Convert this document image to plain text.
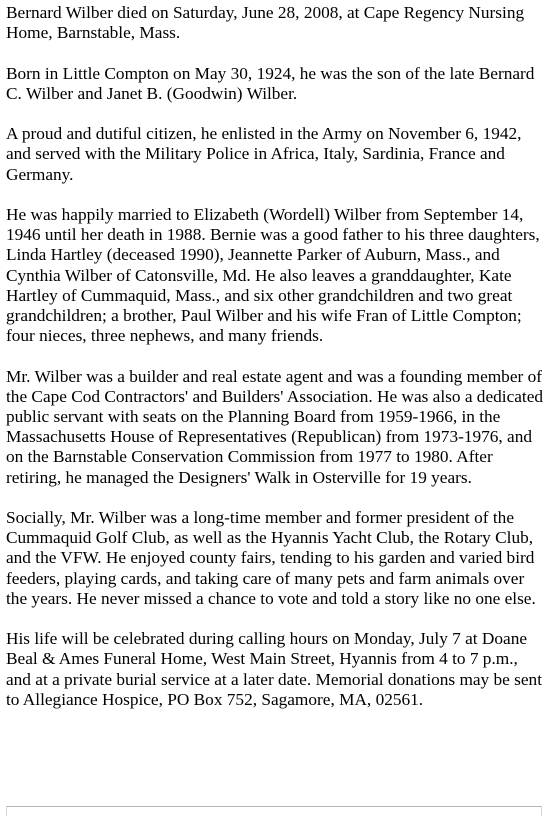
Bernard Wilber died on Saturday, June 28, 2008, at Cape Regency Nursing Home, Barnstable, Mass.

Born in Little Compton on May 30, 1924, he was the son of the late Bernard C. Wilber and Janet B. (Goodwin) Wilber.

A proud and dutiful citizen, he enlisted in the Army on November 6, 1942, and served with the Military Police in Africa, Italy, Sardinia, France and Germany.

He was happily married to Elizabeth (Wordell) Wilber from September 14, 1946 until her death in 1988. Bernie was a good father to his three daughters, Linda Hartley (deceased 1990), Jeannette Parker of Auburn, Mass., and Cynthia Wilber of Catonsville, Md. He also leaves a granddaughter, Kate Hartley of Cummaquid, Mass., and six other grandchildren and two great grandchildren; a brother, Paul Wilber and his wife Fran of Little Compton; four nieces, three nephews, and many friends.

Mr. Wilber was a builder and real estate agent and was a founding member of the Cape Cod Contractors' and Builders' Association. He was also a dedicated public servant with seats on the Planning Board from 1959-1966, in the Massachusetts House of Representatives (Republican) from 1973-1976, and on the Barnstable Conservation Commission from 1977 to 1980. After retiring, he managed the Designers' Walk in Osterville for 19 years.

Socially, Mr. Wilber was a long-time member and former president of the Cummaquid Golf Club, as well as the Hyannis Yacht Club, the Rotary Club, and the VFW. He enjoyed county fairs, tending to his garden and varied bird feeders, playing cards, and taking care of many pets and farm animals over the years. He never missed a chance to vote and told a story like no one else.

His life will be celebrated during calling hours on Monday, July 7 at Doane Beal & Ames Funeral Home, West Main Street, Hyannis from 4 to 7 p.m., and at a private burial service at a later date. Memorial donations may be sent to Allegiance Hospice, PO Box 752, Sagamore, MA, 02561.
